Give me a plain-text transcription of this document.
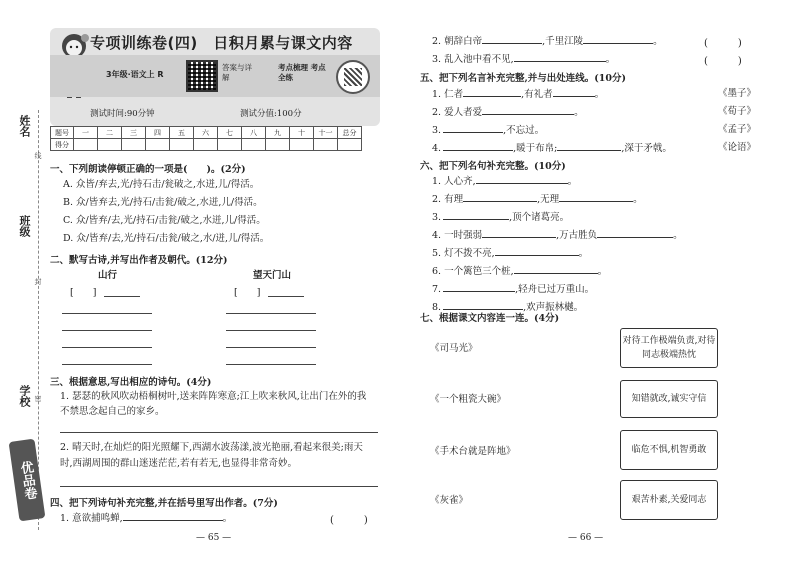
姓名
班级
学校
线
封
密
优品卷
专项训练卷(四)　日积月累与课文内容
3年级·语文上 R
答案与详解
考点梳理 考点全练
测试时间:90分钟	测试分值:100分
题号	一	二	三	四	五	六	七	八	九	十	十一	总分
得分												
一、下列朗读停顿正确的一项是(　　)。(2分)
A. 众皆/弃去,光/持石击/瓮破之,水迸,儿/得活。
B. 众/皆弃去,光/持石/击瓮/破之,水迸,儿/得活。
C. 众/皆弃/去,光/持石/击瓮/破之,水迸,儿/得活。
D. 众/皆弃/去,光/持石/击瓮/破之,水/迸,儿/得活。
二、默写古诗,并写出作者及朝代。(12分)
山行	望天门山
[　　]	[　　]
三、根据意思,写出相应的诗句。(4分)
1. 瑟瑟的秋风吹动梧桐树叶,送来阵阵寒意;江上吹来秋风,让出门在外的我
不禁思念起自己的家乡。
2. 晴天时,在灿烂的阳光照耀下,西湖水波荡漾,波光艳丽,看起来很美;雨天
时,西湖周围的群山迷迷茫茫,若有若无,也显得非常奇妙。
四、把下列诗句补充完整,并在括号里写出作者。(7分)
1. 意欲捕鸣蝉,	。	(　　　)
— 65 —
2. 朝辞白帝	,千里江陵	。	(　　　)
3. 乱入池中看不见,	。	(　　　)
五、把下列名言补充完整,并与出处连线。(10分)
1. 仁者	,有礼者	。
2. 爱人者爱	。
3.	,不忘过。
4.	,暖于布帛;	,深于矛戟。
《墨子》
《荀子》
《孟子》
《论语》
六、把下列名句补充完整。(10分)
1. 人心齐,	。
2. 有理	,无理	。
3.	,顶个诸葛亮。
4. 一时强弱	,万古胜负	。
5. 灯不拨不亮,	。
6. 一个篱笆三个桩,	。
7.	,轻舟已过万重山。
8.	,欢声振林樾。
七、根据课文内容连一连。(4分)
《司马光》
《一个粗瓷大碗》
《手术台就是阵地》
《灰雀》
对待工作极端负责,对待同志极端热忱
知错就改,诚实守信
临危不惧,机智勇敢
艰苦朴素,关爱同志
— 66 —
